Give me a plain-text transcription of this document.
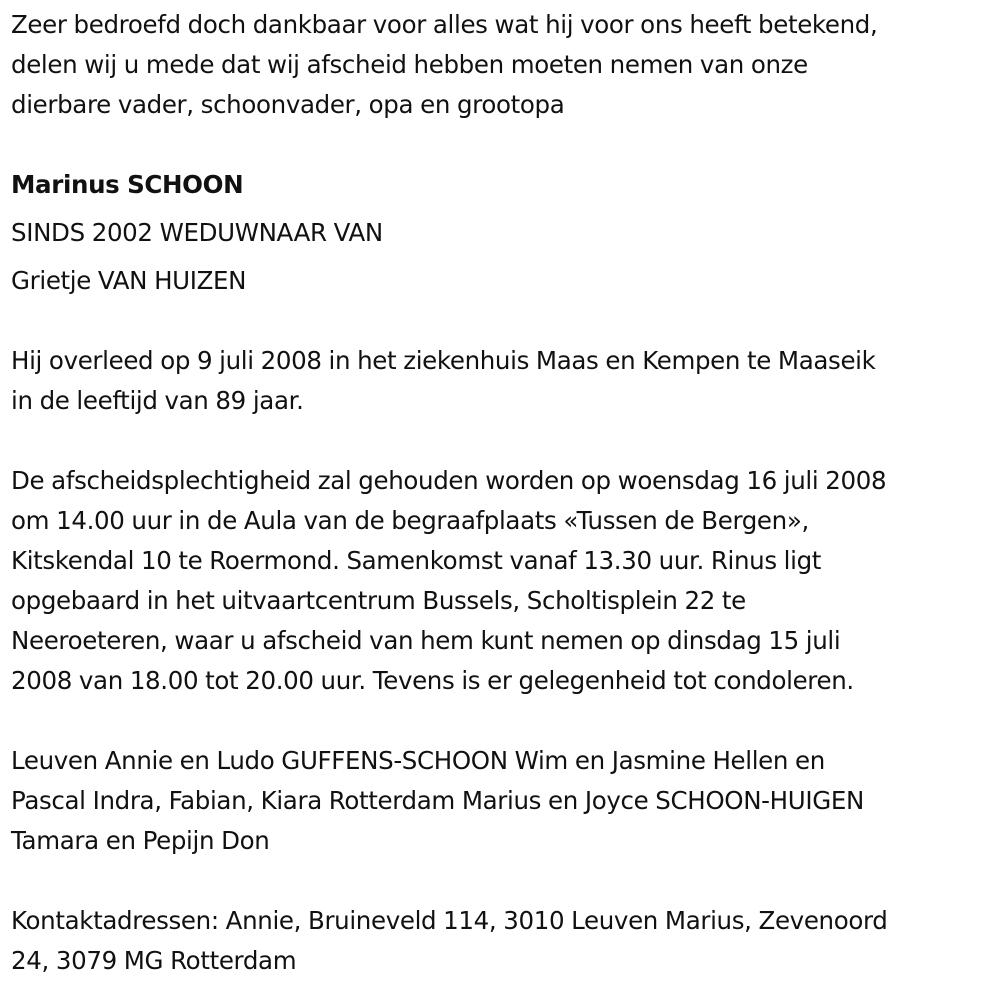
Zeer bedroefd doch dankbaar voor alles wat hij voor ons heeft betekend,
delen wij u mede dat wij afscheid hebben moeten nemen van onze
dierbare vader, schoonvader, opa en grootopa
Marinus SCHOON
SINDS 2002 WEDUWNAAR VAN
Grietje VAN HUIZEN
Hij overleed op 9 juli 2008 in het ziekenhuis Maas en Kempen te Maaseik
in de leeftijd van 89 jaar.
De afscheidsplechtigheid zal gehouden worden op woensdag 16 juli 2008
om 14.00 uur in de Aula van de begraafplaats «Tussen de Bergen»,
Kitskendal 10 te Roermond. Samenkomst vanaf 13.30 uur. Rinus ligt
opgebaard in het uitvaartcentrum Bussels, Scholtisplein 22 te
Neeroeteren, waar u afscheid van hem kunt nemen op dinsdag 15 juli
2008 van 18.00 tot 20.00 uur. Tevens is er gelegenheid tot condoleren.
Leuven Annie en Ludo GUFFENS-SCHOON Wim en Jasmine Hellen en
Pascal Indra, Fabian, Kiara Rotterdam Marius en Joyce SCHOON-HUIGEN
Tamara en Pepijn Don
Kontaktadressen: Annie, Bruineveld 114, 3010 Leuven Marius, Zevenoord
24, 3079 MG Rotterdam
